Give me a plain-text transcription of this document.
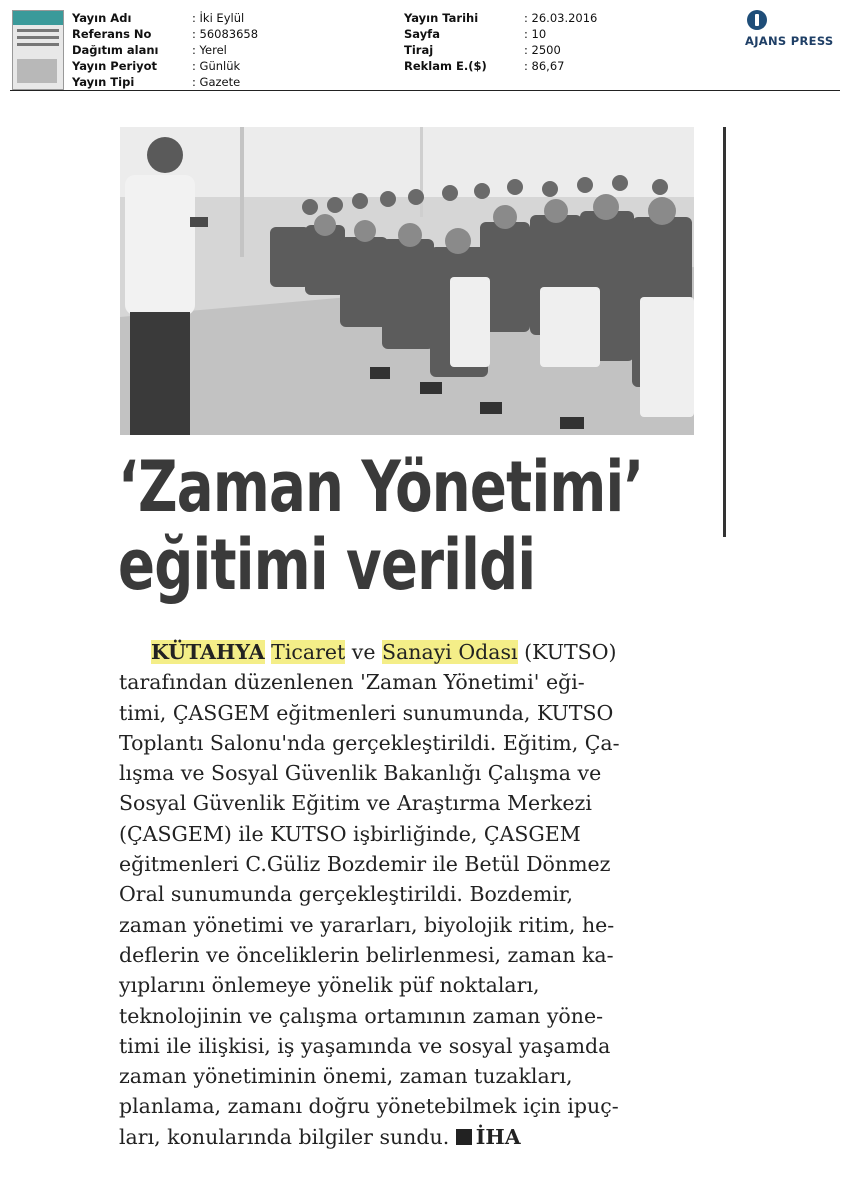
Yayın Adı	: İki Eylül
Referans No	: 56083658
Dağıtım alanı	: Yerel
Yayın Periyot	: Günlük
Yayın Tipi	: Gazete
Yayın Tarihi	: 26.03.2016
Sayfa	: 10
Tiraj	: 2500
Reklam E.($)	: 86,67
AJANS PRESS
‘Zaman Yönetimi’
eğitimi verildi
KÜTAHYA Ticaret ve Sanayi Odası (KUTSO)
tarafından düzenlenen 'Zaman Yönetimi' eği-
timi, ÇASGEM eğitmenleri sunumunda, KUTSO
Toplantı Salonu'nda gerçekleştirildi. Eğitim, Ça-
lışma ve Sosyal Güvenlik Bakanlığı Çalışma ve
Sosyal Güvenlik Eğitim ve Araştırma Merkezi
(ÇASGEM) ile KUTSO işbirliğinde, ÇASGEM
eğitmenleri C.Güliz Bozdemir ile Betül Dönmez
Oral sunumunda gerçekleştirildi. Bozdemir,
zaman yönetimi ve yararları, biyolojik ritim, he-
deflerin ve önceliklerin belirlenmesi, zaman ka-
yıplarını önlemeye yönelik püf noktaları,
teknolojinin ve çalışma ortamının zaman yöne-
timi ile ilişkisi, iş yaşamında ve sosyal yaşamda
zaman yönetiminin önemi, zaman tuzakları,
planlama, zamanı doğru yönetebilmek için ipuç-
ları, konularında bilgiler sundu. İHA
